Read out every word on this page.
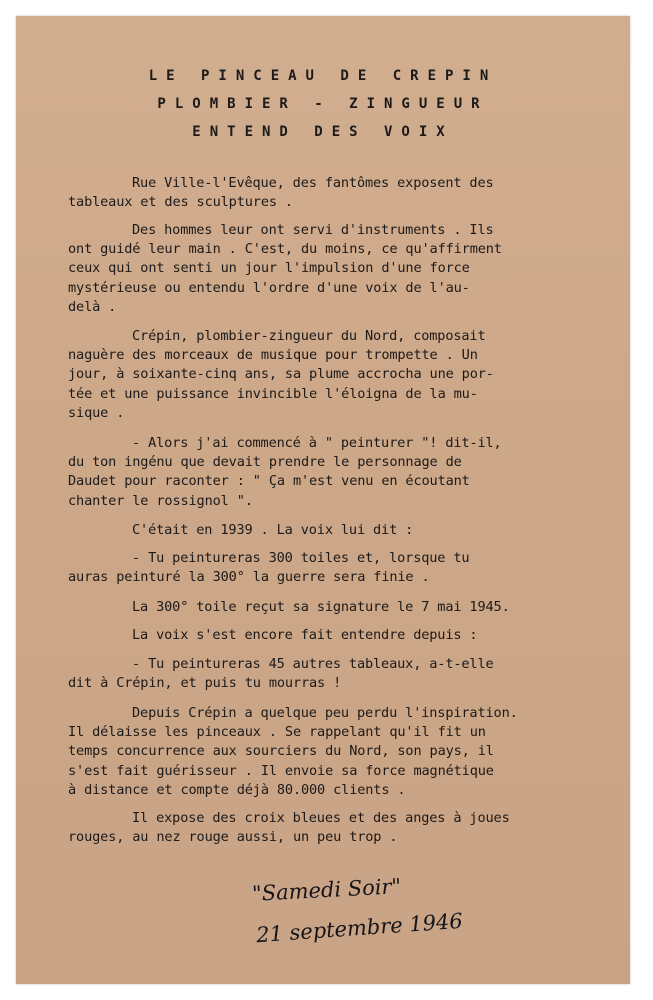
LE PINCEAU DE CREPIN
PLOMBIER - ZINGUEUR
ENTEND DES VOIX
Rue Ville-l'Evêque, des fantômes exposent des
tableaux et des sculptures .
Des hommes leur ont servi d'instruments . Ils
ont guidé leur main . C'est, du moins, ce qu'affirment
ceux qui ont senti un jour l'impulsion d'une force
mystérieuse ou entendu l'ordre d'une voix de l'au-
delà .
Crépin, plombier-zingueur du Nord, composait
naguère des morceaux de musique pour trompette . Un
jour, à soixante-cinq ans, sa plume accrocha une por-
tée et une puissance invincible l'éloigna de la mu-
sique .
- Alors j'ai commencé à " peinturer "! dit-il,
du ton ingénu que devait prendre le personnage de
Daudet pour raconter : " Ça m'est venu en écoutant
chanter le rossignol ".
C'était en 1939 . La voix lui dit :
- Tu peintureras 300 toiles et, lorsque tu
auras peinturé la 300° la guerre sera finie .
La 300° toile reçut sa signature le 7 mai 1945.
La voix s'est encore fait entendre depuis :
- Tu peintureras 45 autres tableaux, a-t-elle
dit à Crépin, et puis tu mourras !
Depuis Crépin a quelque peu perdu l'inspiration.
Il délaisse les pinceaux . Se rappelant qu'il fit un
temps concurrence aux sourciers du Nord, son pays, il
s'est fait guérisseur . Il envoie sa force magnétique
à distance et compte déjà 80.000 clients .
Il expose des croix bleues et des anges à joues
rouges, au nez rouge aussi, un peu trop .
"Samedi Soir"
21 septembre 1946
